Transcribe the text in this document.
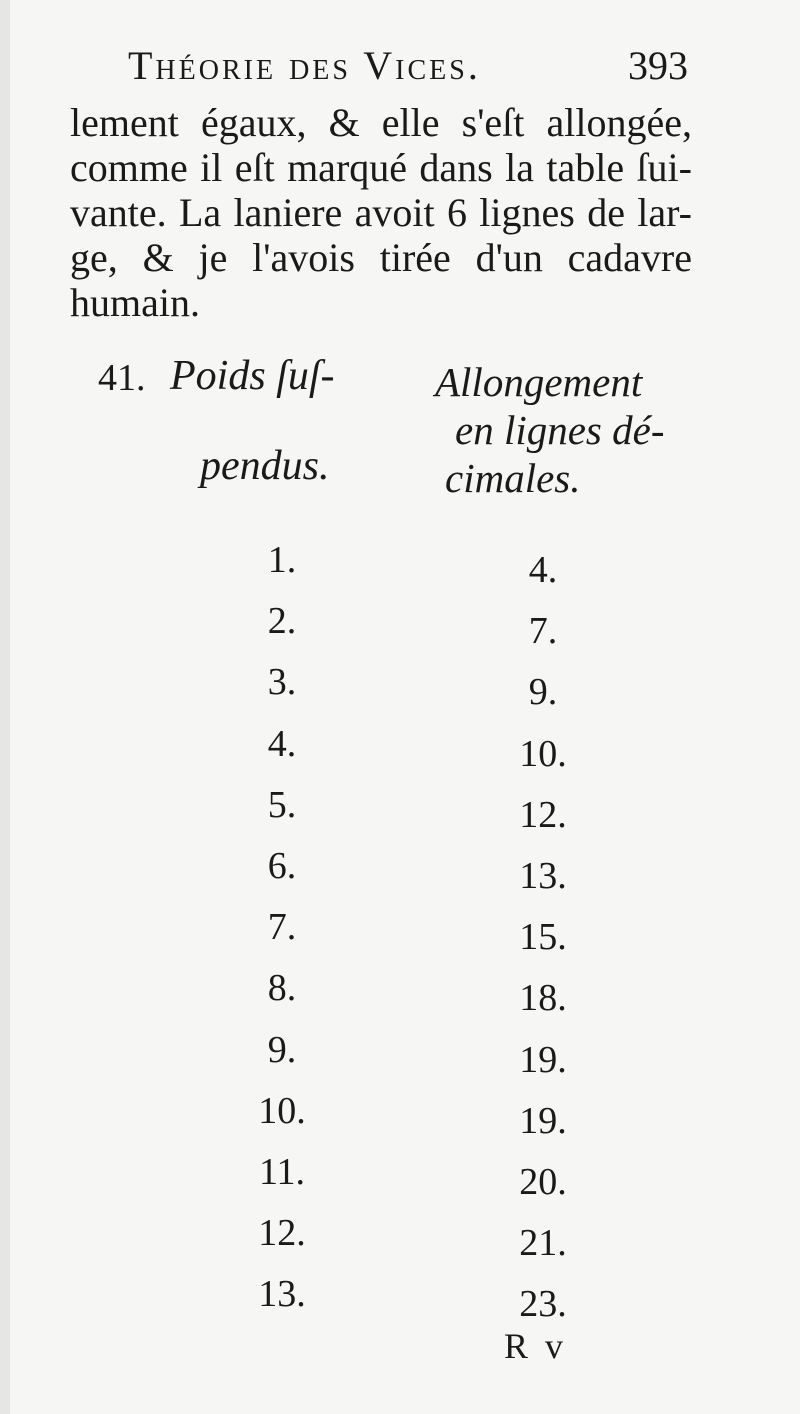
Théorie des Vices.	393
lement égaux, & elle s'eſt allongée,
comme il eſt marqué dans la table ſui-
vante. La laniere avoit 6 lignes de lar-
ge, & je l'avois tirée d'un cadavre
humain.
41. Poids ſuſ-
pendus.
Allongement
en lignes dé-
cimales.
1.
2.
3.
4.
5.
6.
7.
8.
9.
10.
11.
12.
13.
4.
7.
9.
10.
12.
13.
15.
18.
19.
19.
20.
21.
23.
R v
